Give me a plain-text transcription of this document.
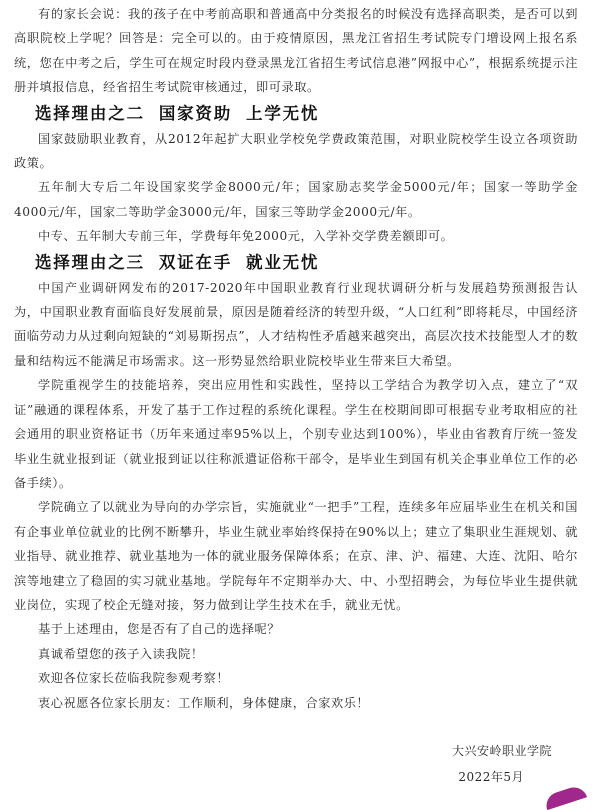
有的家长会说：我的孩子在中考前高职和普通高中分类报名的时候没有选择高职类，是否可以到高职院校上学呢？回答是：完全可以的。由于疫情原因，黑龙江省招生考试院专门增设网上报名系统，您在中考之后，学生可在规定时段内登录黑龙江省招生考试信息港”网报中心”，根据系统提示注册并填报信息，经省招生考试院审核通过，即可录取。

选择理由之二 国家资助 上学无忧

国家鼓励职业教育，从2012年起扩大职业学校免学费政策范围，对职业院校学生设立各项资助政策。

五年制大专后二年设国家奖学金8000元/年；国家励志奖学金5000元/年；国家一等助学金4000元/年，国家二等助学金3000元/年，国家三等助学金2000元/年。

中专、五年制大专前三年，学费每年免2000元，入学补交学费差额即可。

选择理由之三 双证在手 就业无忧

中国产业调研网发布的2017-2020年中国职业教育行业现状调研分析与发展趋势预测报告认为，中国职业教育面临良好发展前景，原因是随着经济的转型升级，“人口红利”即将耗尽，中国经济面临劳动力从过剩向短缺的“刘易斯拐点”，人才结构性矛盾越来越突出，高层次技术技能型人才的数量和结构远不能满足市场需求。这一形势显然给职业院校毕业生带来巨大希望。

学院重视学生的技能培养，突出应用性和实践性，坚持以工学结合为教学切入点，建立了“双证”融通的课程体系，开发了基于工作过程的系统化课程。学生在校期间即可根据专业考取相应的社会通用的职业资格证书（历年来通过率95%以上，个别专业达到100%），毕业由省教育厅统一签发毕业生就业报到证（就业报到证以往称派遣证俗称干部令，是毕业生到国有机关企事业单位工作的必备手续）。

学院确立了以就业为导向的办学宗旨，实施就业“一把手”工程，连续多年应届毕业生在机关和国有企事业单位就业的比例不断攀升，毕业生就业率始终保持在90%以上；建立了集职业生涯规划、就业指导、就业推荐、就业基地为一体的就业服务保障体系；在京、津、沪、福建、大连、沈阳、哈尔滨等地建立了稳固的实习就业基地。学院每年不定期举办大、中、小型招聘会，为每位毕业生提供就业岗位，实现了校企无缝对接，努力做到让学生技术在手，就业无忧。

基于上述理由，您是否有了自己的选择呢？

真诚希望您的孩子入读我院！

欢迎各位家长莅临我院参观考察！

衷心祝愿各位家长朋友：工作顺利，身体健康，合家欢乐！

大兴安岭职业学院
2022年5月
